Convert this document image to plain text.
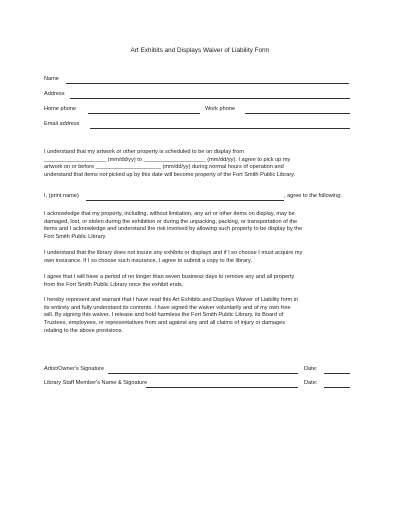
Art Exhibits and Displays Waiver of Liability Form
Name
Address
Home phone	Work phone
Email address
I understand that my artwork or other property is scheduled to be on display from
____________________ (mm/dd/yy) to ____________________ (mm/dd/yy). I agree to pick up my
artwork on or before _____________________ (mm/dd/yy) during normal hours of operation and
understand that items not picked up by this date will become property of the Fort Smith Public Library.
I, (print name)	, agree to the following:
I acknowledge that my property, including, without limitation, any art or other items on display, may be
damaged, lost, or stolen during the exhibition or during the unpacking, packing, or transportation of the
items and I acknowledge and understand the risk involved by allowing such property to be display by the
Fort Smith Public Library.
I understand that the library does not insure any exhibits or displays and if I so choose I must acquire my
own insurance. If I so choose such insurance, I agree to submit a copy to the library.
I agree that I will have a period of no longer than seven business days to remove any and all property
from the Fort Smith Public Library once the exhibit ends.
I hereby represent and warrant that I have read this Art Exhibits and Displays Waiver of Liability form in
its entirety and fully understand its contents. I have signed the waiver voluntarily and of my own free
will. By signing this waiver, I release and hold harmless the Fort Smith Public Library, its Board of
Trustees, employees, or representatives from and against any and all claims of injury or damages
relating to the above provisions.
Artist/Owner's Signature	Date:
Library Staff Member's Name & Signature	Date:
